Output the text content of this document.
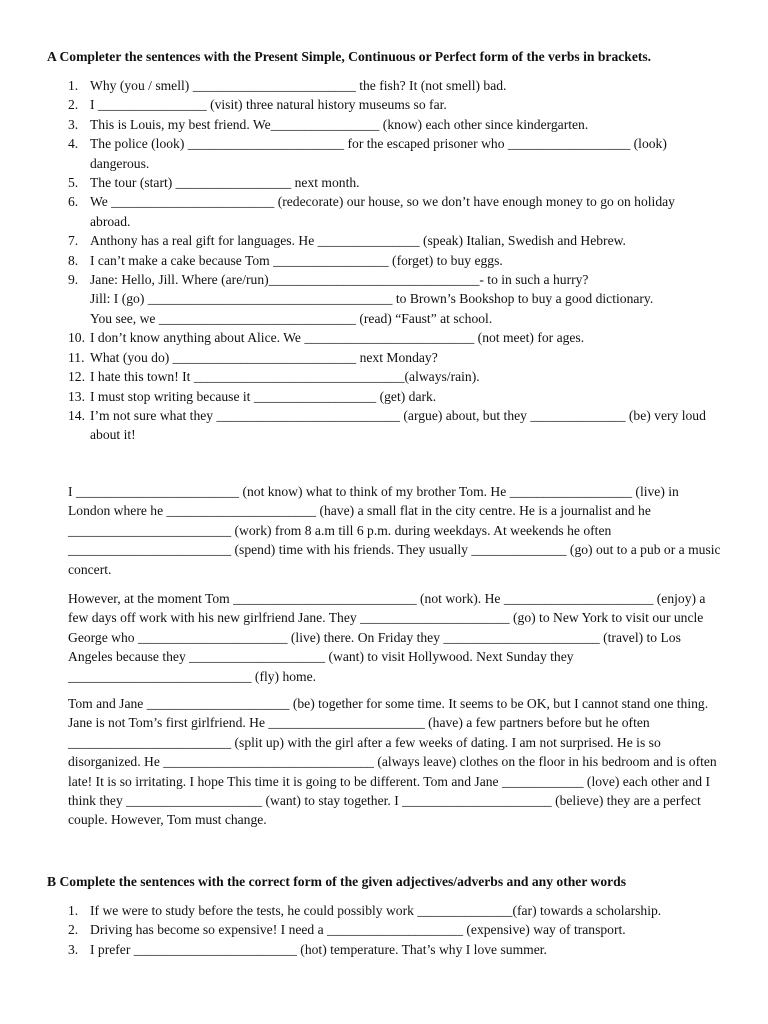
A Completer the sentences with the Present Simple, Continuous or Perfect form of the verbs in brackets.
1. Why (you / smell) ________________________ the fish? It (not smell) bad.
2. I ________________ (visit) three natural history museums so far.
3. This is Louis, my best friend. We________________ (know) each other since kindergarten.
4. The police (look) _______________________ for the escaped prisoner who __________________ (look) dangerous.
5. The tour (start) _________________ next month.
6. We ________________________ (redecorate) our house, so we don’t have enough money to go on holiday abroad.
7. Anthony has a real gift for languages. He _______________ (speak) Italian, Swedish and Hebrew.
8. I can’t make a cake because Tom _________________ (forget) to buy eggs.
9. Jane: Hello, Jill. Where (are/run)_______________________________- to in such a hurry?
Jill: I (go) ____________________________________ to Brown’s Bookshop to buy a good dictionary.
You see, we _____________________________ (read) “Faust” at school.
10. I don’t know anything about Alice. We _________________________ (not meet) for ages.
11. What (you do) ___________________________ next Monday?
12. I hate this town! It _______________________________(always/rain).
13. I must stop writing because it __________________ (get) dark.
14. I’m not sure what they ___________________________ (argue) about, but they ______________ (be) very loud about it!
I ________________________ (not know) what to think of my brother Tom. He __________________ (live) in London where he ______________________ (have) a small flat in the city centre. He is a journalist and he ________________________ (work) from 8 a.m till 6 p.m. during weekdays. At weekends he often ________________________ (spend) time with his friends. They usually ______________ (go) out to a pub or a music concert.
However, at the moment Tom ___________________________ (not work). He ______________________ (enjoy) a few days off work with his new girlfriend Jane. They ______________________ (go) to New York to visit our uncle George who ______________________ (live) there. On Friday they _______________________ (travel) to Los Angeles because they ____________________ (want) to visit Hollywood. Next Sunday they ___________________________ (fly) home.
Tom and Jane _____________________ (be) together for some time. It seems to be OK, but I cannot stand one thing. Jane is not Tom’s first girlfriend. He _______________________ (have) a few partners before but he often ________________________ (split up) with the girl after a few weeks of dating. I am not surprised. He is so disorganized. He _______________________________ (always leave) clothes on the floor in his bedroom and is often late! It is so irritating. I hope This time it is going to be different. Tom and Jane ____________ (love) each other and I think they ____________________ (want) to stay together. I ______________________ (believe) they are a perfect couple. However, Tom must change.
B Complete the sentences with the correct form of the given adjectives/adverbs and any other words
1. If we were to study before the tests, he could possibly work ______________(far) towards a scholarship.
2. Driving has become so expensive! I need a ____________________ (expensive) way of transport.
3. I prefer ________________________ (hot) temperature. That’s why I love summer.
